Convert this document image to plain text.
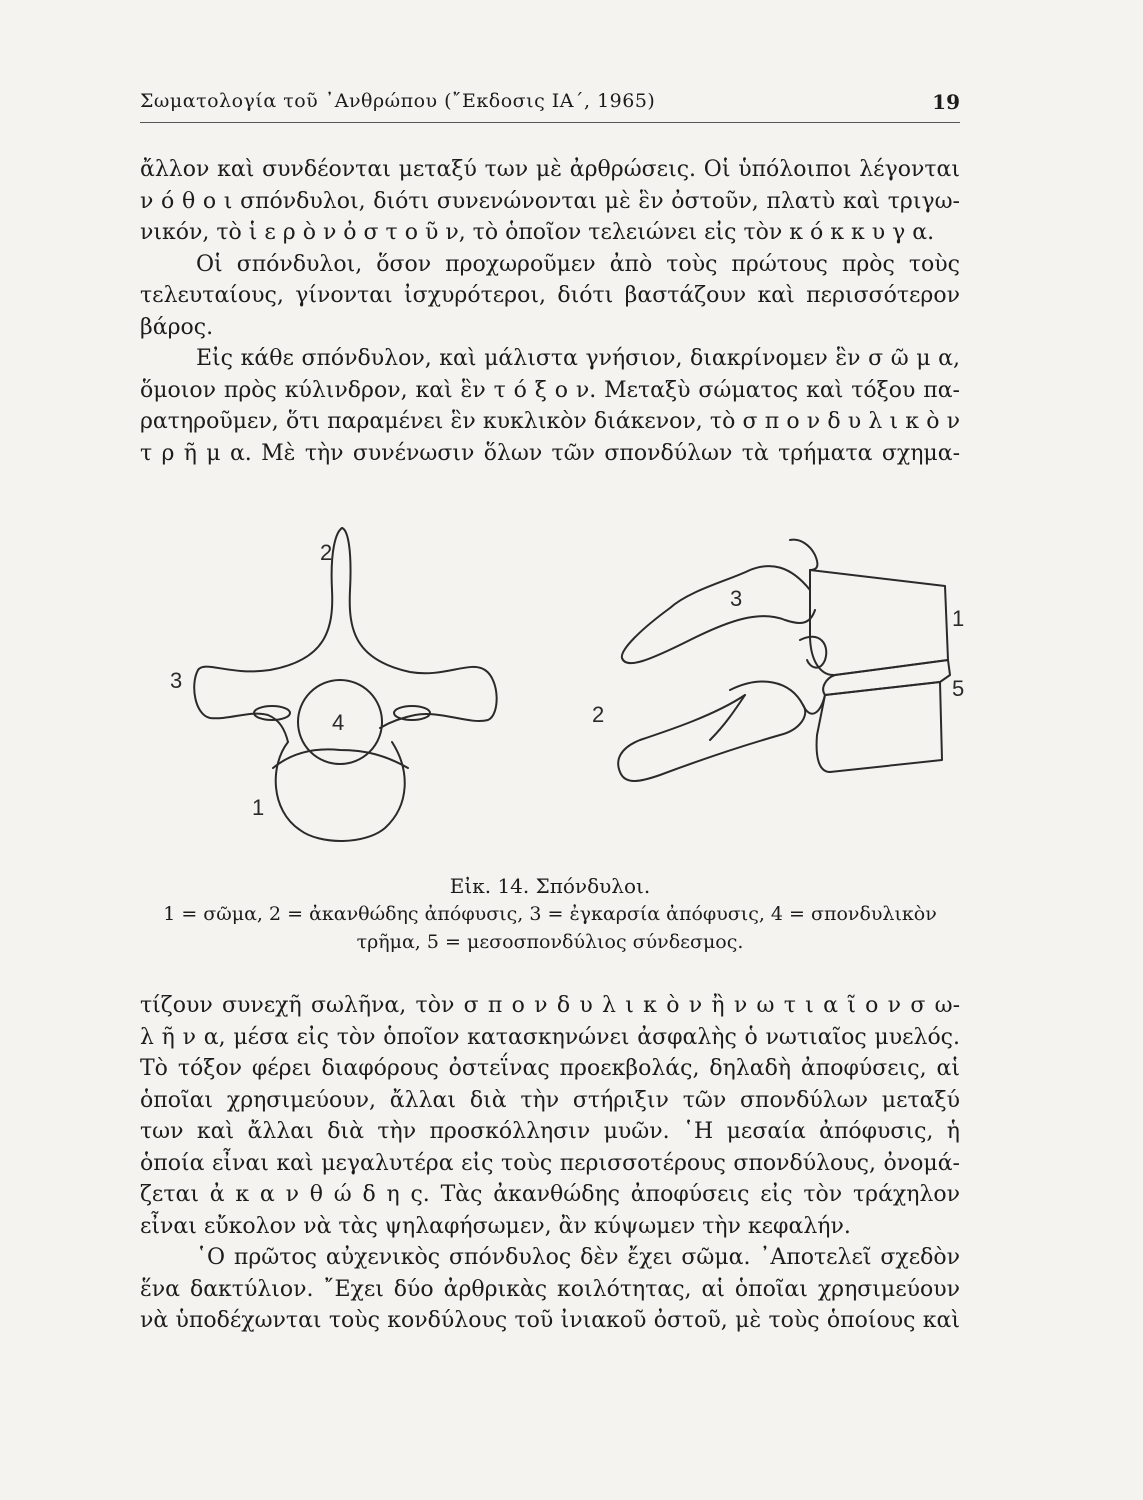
Σωματολογία τοῦ ᾿Ανθρώπου (῎Εκδοσις ΙΑ΄, 1965)	19
ἄλλον καὶ συνδέονται μεταξύ των μὲ ἀρθρώσεις. Οἱ ὑπόλοιποι λέγονται
ν ό θ ο ι σπόνδυλοι, διότι συνενώνονται μὲ ἓν ὀστοῦν, πλατὺ καὶ τριγω-
νικόν, τὸ ἱ ε ρ ὸ ν ὀ σ τ ο ῦ ν, τὸ ὁποῖον τελειώνει εἰς τὸν κ ό κ κ υ γ α.
Οἱ σπόνδυλοι, ὅσον προχωροῦμεν ἀπὸ τοὺς πρώτους πρὸς τοὺς
τελευταίους, γίνονται ἰσχυρότεροι, διότι βαστάζουν καὶ περισσότερον
βάρος.
Εἰς κάθε σπόνδυλον, καὶ μάλιστα γνήσιον, διακρίνομεν ἓν σ ῶ μ α,
ὅμοιον πρὸς κύλινδρον, καὶ ἓν τ ό ξ ο ν. Μεταξὺ σώματος καὶ τόξου πα-
ρατηροῦμεν, ὅτι παραμένει ἓν κυκλικὸν διάκενον, τὸ σ π ο ν δ υ λ ι κ ὸ ν
τ ρ ῆ μ α. Μὲ τὴν συνένωσιν ὅλων τῶν σπονδύλων τὰ τρήματα σχημα-
2
3
4
1
3
1
5
2
Εἰκ. 14. Σπόνδυλοι.
1 = σῶμα, 2 = ἀκανθώδης ἀπόφυσις, 3 = ἐγκαρσία ἀπόφυσις, 4 = σπονδυλικὸν
τρῆμα, 5 = μεσοσπονδύλιος σύνδεσμος.
τίζουν συνεχῆ σωλῆνα, τὸν σ π ο ν δ υ λ ι κ ὸ ν ἢ ν ω τ ι α ῖ ο ν σ ω-
λ ῆ ν α, μέσα εἰς τὸν ὁποῖον κατασκηνώνει ἀσφαλὴς ὁ νωτιαῖος μυελός.
Τὸ τόξον φέρει διαφόρους ὀστεΐνας προεκβολάς, δηλαδὴ ἀποφύσεις, αἱ
ὁποῖαι χρησιμεύουν, ἄλλαι διὰ τὴν στήριξιν τῶν σπονδύλων μεταξύ
των καὶ ἄλλαι διὰ τὴν προσκόλλησιν μυῶν. ῾Η μεσαία ἀπόφυσις, ἡ
ὁποία εἶναι καὶ μεγαλυτέρα εἰς τοὺς περισσοτέρους σπονδύλους, ὀνομά-
ζεται ἀ κ α ν θ ώ δ η ς. Τὰς ἀκανθώδης ἀποφύσεις εἰς τὸν τράχηλον
εἶναι εὔκολον νὰ τὰς ψηλαφήσωμεν, ἂν κύψωμεν τὴν κεφαλήν.
῾Ο πρῶτος αὐχενικὸς σπόνδυλος δὲν ἔχει σῶμα. ᾿Αποτελεῖ σχεδὸν
ἕνα δακτύλιον. ῎Εχει δύο ἀρθρικὰς κοιλότητας, αἱ ὁποῖαι χρησιμεύουν
νὰ ὑποδέχωνται τοὺς κονδύλους τοῦ ἰνιακοῦ ὀστοῦ, μὲ τοὺς ὁποίους καὶ
